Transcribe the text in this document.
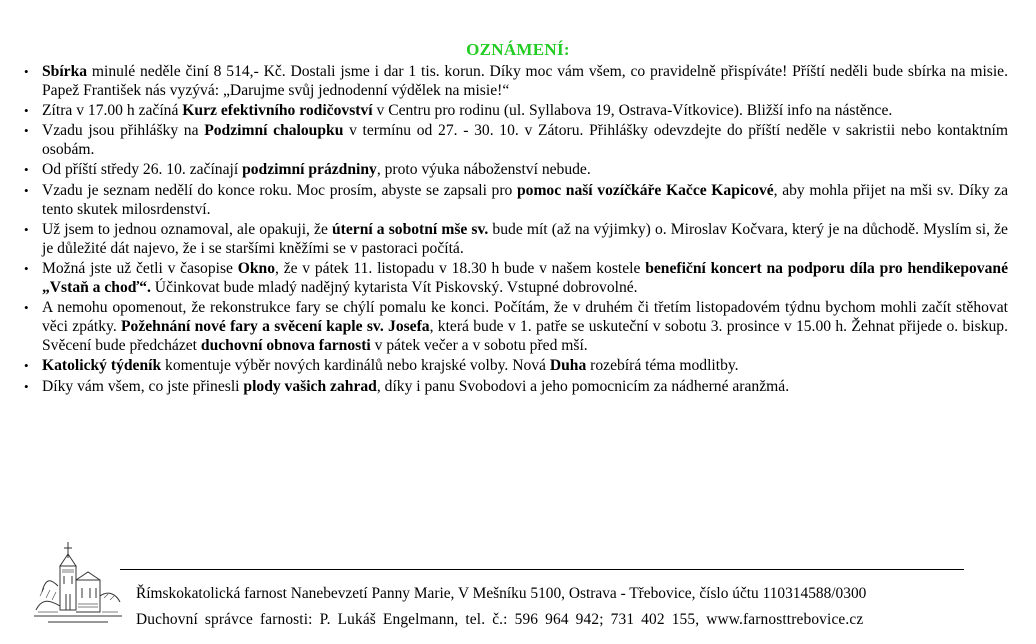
OZNÁMENÍ:
• Sbírka minulé neděle činí 8 514,- Kč. Dostali jsme i dar 1 tis. korun. Díky moc vám všem, co pravidelně přispíváte! Příští neděli bude sbírka na misie. Papež František nás vyzývá: „Darujme svůj jednodenní výdělek na misie!“
• Zítra v 17.00 h začíná Kurz efektivního rodičovství v Centru pro rodinu (ul. Syllabova 19, Ostrava-Vítkovice). Bližší info na nástěnce.
• Vzadu jsou přihlášky na Podzimní chaloupku v termínu od 27. - 30. 10. v Zátoru. Přihlášky odevzdejte do příští neděle v sakristii nebo kontaktním osobám.
• Od příští středy 26. 10. začínají podzimní prázdniny, proto výuka náboženství nebude.
• Vzadu je seznam nedělí do konce roku. Moc prosím, abyste se zapsali pro pomoc naší vozíčkáře Kačce Kapicové, aby mohla přijet na mši sv. Díky za tento skutek milosrdenství.
• Už jsem to jednou oznamoval, ale opakuji, že úterní a sobotní mše sv. bude mít (až na výjimky) o. Miroslav Kočvara, který je na důchodě. Myslím si, že je důležité dát najevo, že i se staršími kněžími se v pastoraci počítá.
• Možná jste už četli v časopise Okno, že v pátek 11. listopadu v 18.30 h bude v našem kostele benefiční koncert na podporu díla pro hendikepované „Vstaň a choď“. Účinkovat bude mladý nadějný kytarista Vít Piskovský. Vstupné dobrovolné.
• A nemohu opomenout, že rekonstrukce fary se chýlí pomalu ke konci. Počítám, že v druhém či třetím listopadovém týdnu bychom mohli začít stěhovat věci zpátky. Požehnání nové fary a svěcení kaple sv. Josefa, která bude v 1. patře se uskuteční v sobotu 3. prosince v 15.00 h. Žehnat přijede o. biskup. Svěcení bude předcházet duchovní obnova farnosti v pátek večer a v sobotu před mší.
• Katolický týdeník komentuje výběr nových kardinálů nebo krajské volby. Nová Duha rozebírá téma modlitby.
• Díky vám všem, co jste přinesli plody vašich zahrad, díky i panu Svobodovi a jeho pomocnicím za nádherné aranžmá.
Římskokatolická farnost Nanebevzetí Panny Marie, V Mešníku 5100, Ostrava - Třebovice, číslo účtu 110314588/0300
Duchovní správce farnosti: P. Lukáš Engelmann, tel. č.: 596 964 942; 731 402 155, www.farnosttrebovice.cz
